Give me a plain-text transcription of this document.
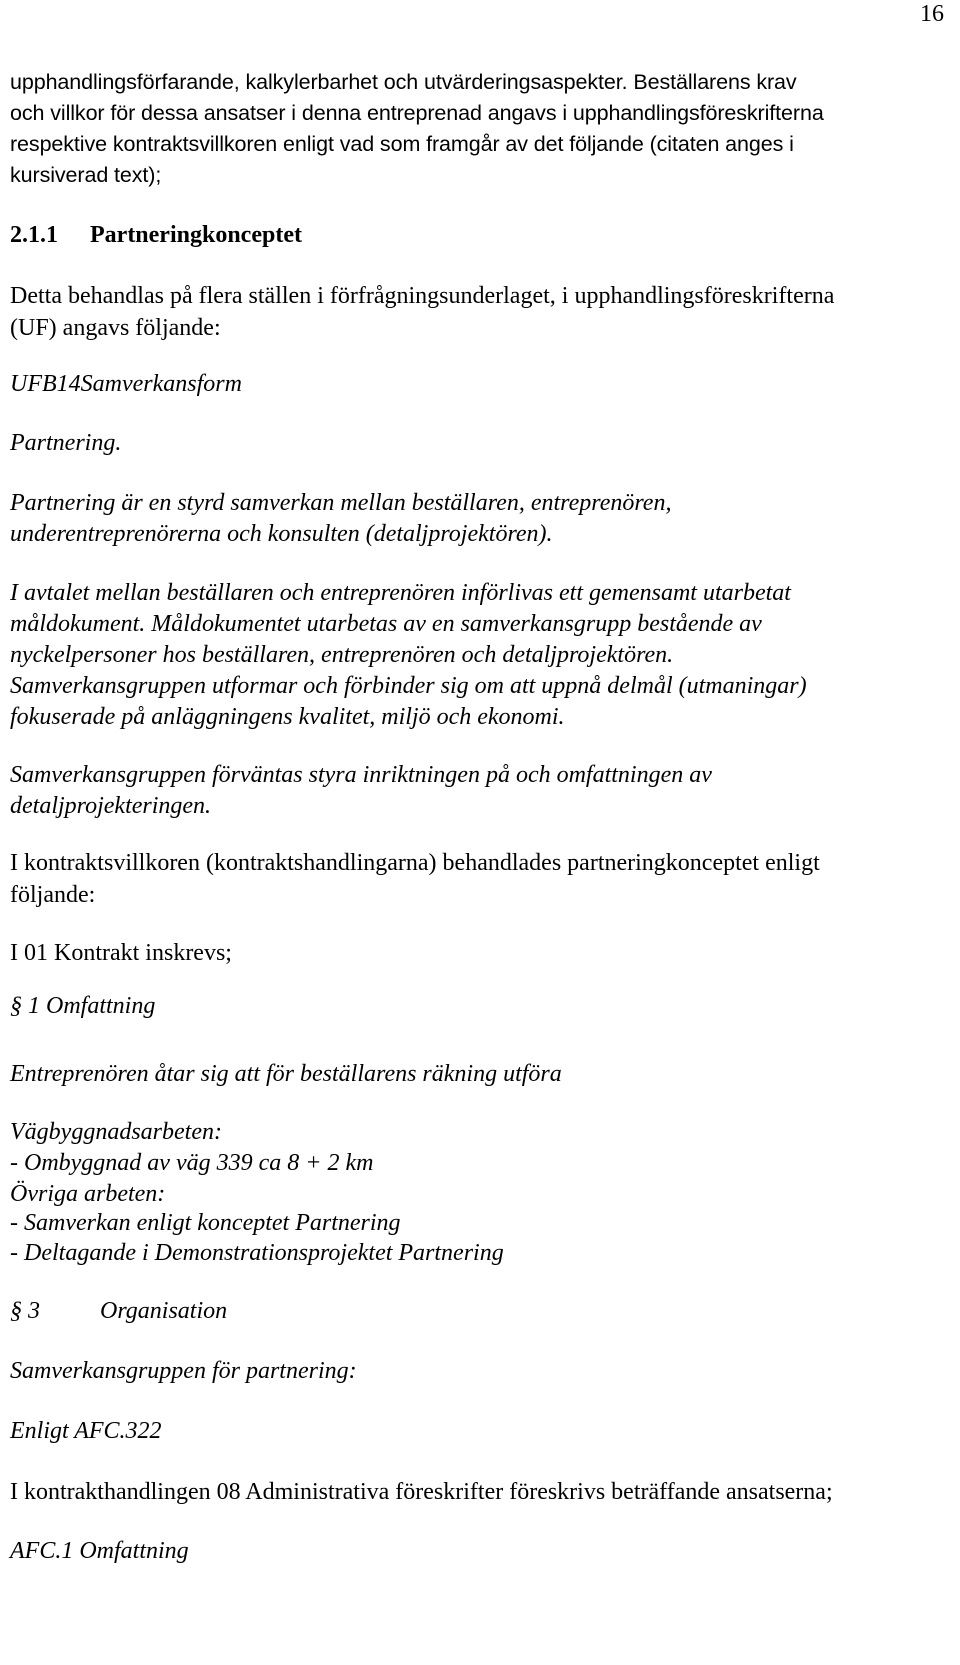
16
upphandlingsförfarande, kalkylerbarhet och utvärderingsaspekter. Beställarens krav
och villkor för dessa ansatser i denna entreprenad angavs i upphandlingsföreskrifterna
respektive kontraktsvillkoren enligt vad som framgår av det följande (citaten anges i
kursiverad text);
2.1.1 Partneringkonceptet
Detta behandlas på flera ställen i förfrågningsunderlaget, i upphandlingsföreskrifterna
(UF) angavs följande:
UFB14Samverkansform
Partnering.
Partnering är en styrd samverkan mellan beställaren, entreprenören,
underentreprenörerna och konsulten (detaljprojektören).
I avtalet mellan beställaren och entreprenören införlivas ett gemensamt utarbetat
måldokument. Måldokumentet utarbetas av en samverkansgrupp bestående av
nyckelpersoner hos beställaren, entreprenören och detaljprojektören.
Samverkansgruppen utformar och förbinder sig om att uppnå delmål (utmaningar)
fokuserade på anläggningens kvalitet, miljö och ekonomi.
Samverkansgruppen förväntas styra inriktningen på och omfattningen av
detaljprojekteringen.
I kontraktsvillkoren (kontraktshandlingarna) behandlades partneringkonceptet enligt
följande:
I 01 Kontrakt inskrevs;
§ 1 Omfattning
Entreprenören åtar sig att för beställarens räkning utföra
Vägbyggnadsarbeten:
- Ombyggnad av väg 339 ca 8 + 2 km
Övriga arbeten:
- Samverkan enligt konceptet Partnering
- Deltagande i Demonstrationsprojektet Partnering
§ 3	Organisation
Samverkansgruppen för partnering:
Enligt AFC.322
I kontrakthandlingen 08 Administrativa föreskrifter föreskrivs beträffande ansatserna;
AFC.1 Omfattning
